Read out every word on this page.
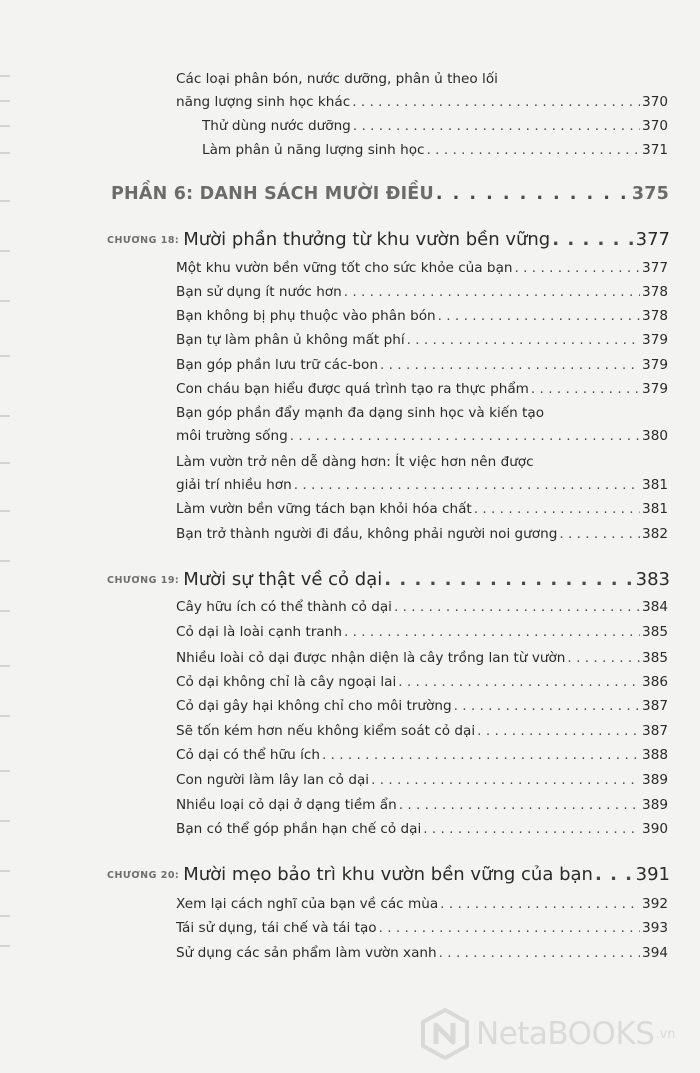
Các loại phân bón, nước dưỡng, phân ủ theo lối
năng lượng sinh học khác . . .	370
Thử dùng nước dưỡng . . .	370
Làm phân ủ năng lượng sinh học . . .	371
PHẦN 6: DANH SÁCH MƯỜI ĐIỀU . . .	375
CHƯƠNG 18: Mười phần thưởng từ khu vườn bền vững . . .	377
Một khu vườn bền vững tốt cho sức khỏe của bạn . . .	377
Bạn sử dụng ít nước hơn . . .	378
Bạn không bị phụ thuộc vào phân bón . . .	378
Bạn tự làm phân ủ không mất phí . . .	379
Bạn góp phần lưu trữ các-bon . . .	379
Con cháu bạn hiểu được quá trình tạo ra thực phẩm . . .	379
Bạn góp phần đẩy mạnh đa dạng sinh học và kiến tạo
môi trường sống . . .	380
Làm vườn trở nên dễ dàng hơn: Ít việc hơn nên được
giải trí nhiều hơn . . .	381
Làm vườn bền vững tách bạn khỏi hóa chất . . .	381
Bạn trở thành người đi đầu, không phải người noi gương . . .	382
CHƯƠNG 19: Mười sự thật về cỏ dại . . .	383
Cây hữu ích có thể thành cỏ dại . . .	384
Cỏ dại là loài cạnh tranh . . .	385
Nhiều loài cỏ dại được nhận diện là cây trồng lan từ vườn . . .	385
Cỏ dại không chỉ là cây ngoại lai . . .	386
Cỏ dại gây hại không chỉ cho môi trường . . .	387
Sẽ tốn kém hơn nếu không kiểm soát cỏ dại . . .	387
Cỏ dại có thể hữu ích . . .	388
Con người làm lây lan cỏ dại . . .	389
Nhiều loại cỏ dại ở dạng tiềm ẩn . . .	389
Bạn có thể góp phần hạn chế cỏ dại . . .	390
CHƯƠNG 20: Mười mẹo bảo trì khu vườn bền vững của bạn . . . 391
Xem lại cách nghĩ của bạn về các mùa . . .	392
Tái sử dụng, tái chế và tái tạo . . .	393
Sử dụng các sản phẩm làm vườn xanh . . .	394
NetaBOOKS .vn
